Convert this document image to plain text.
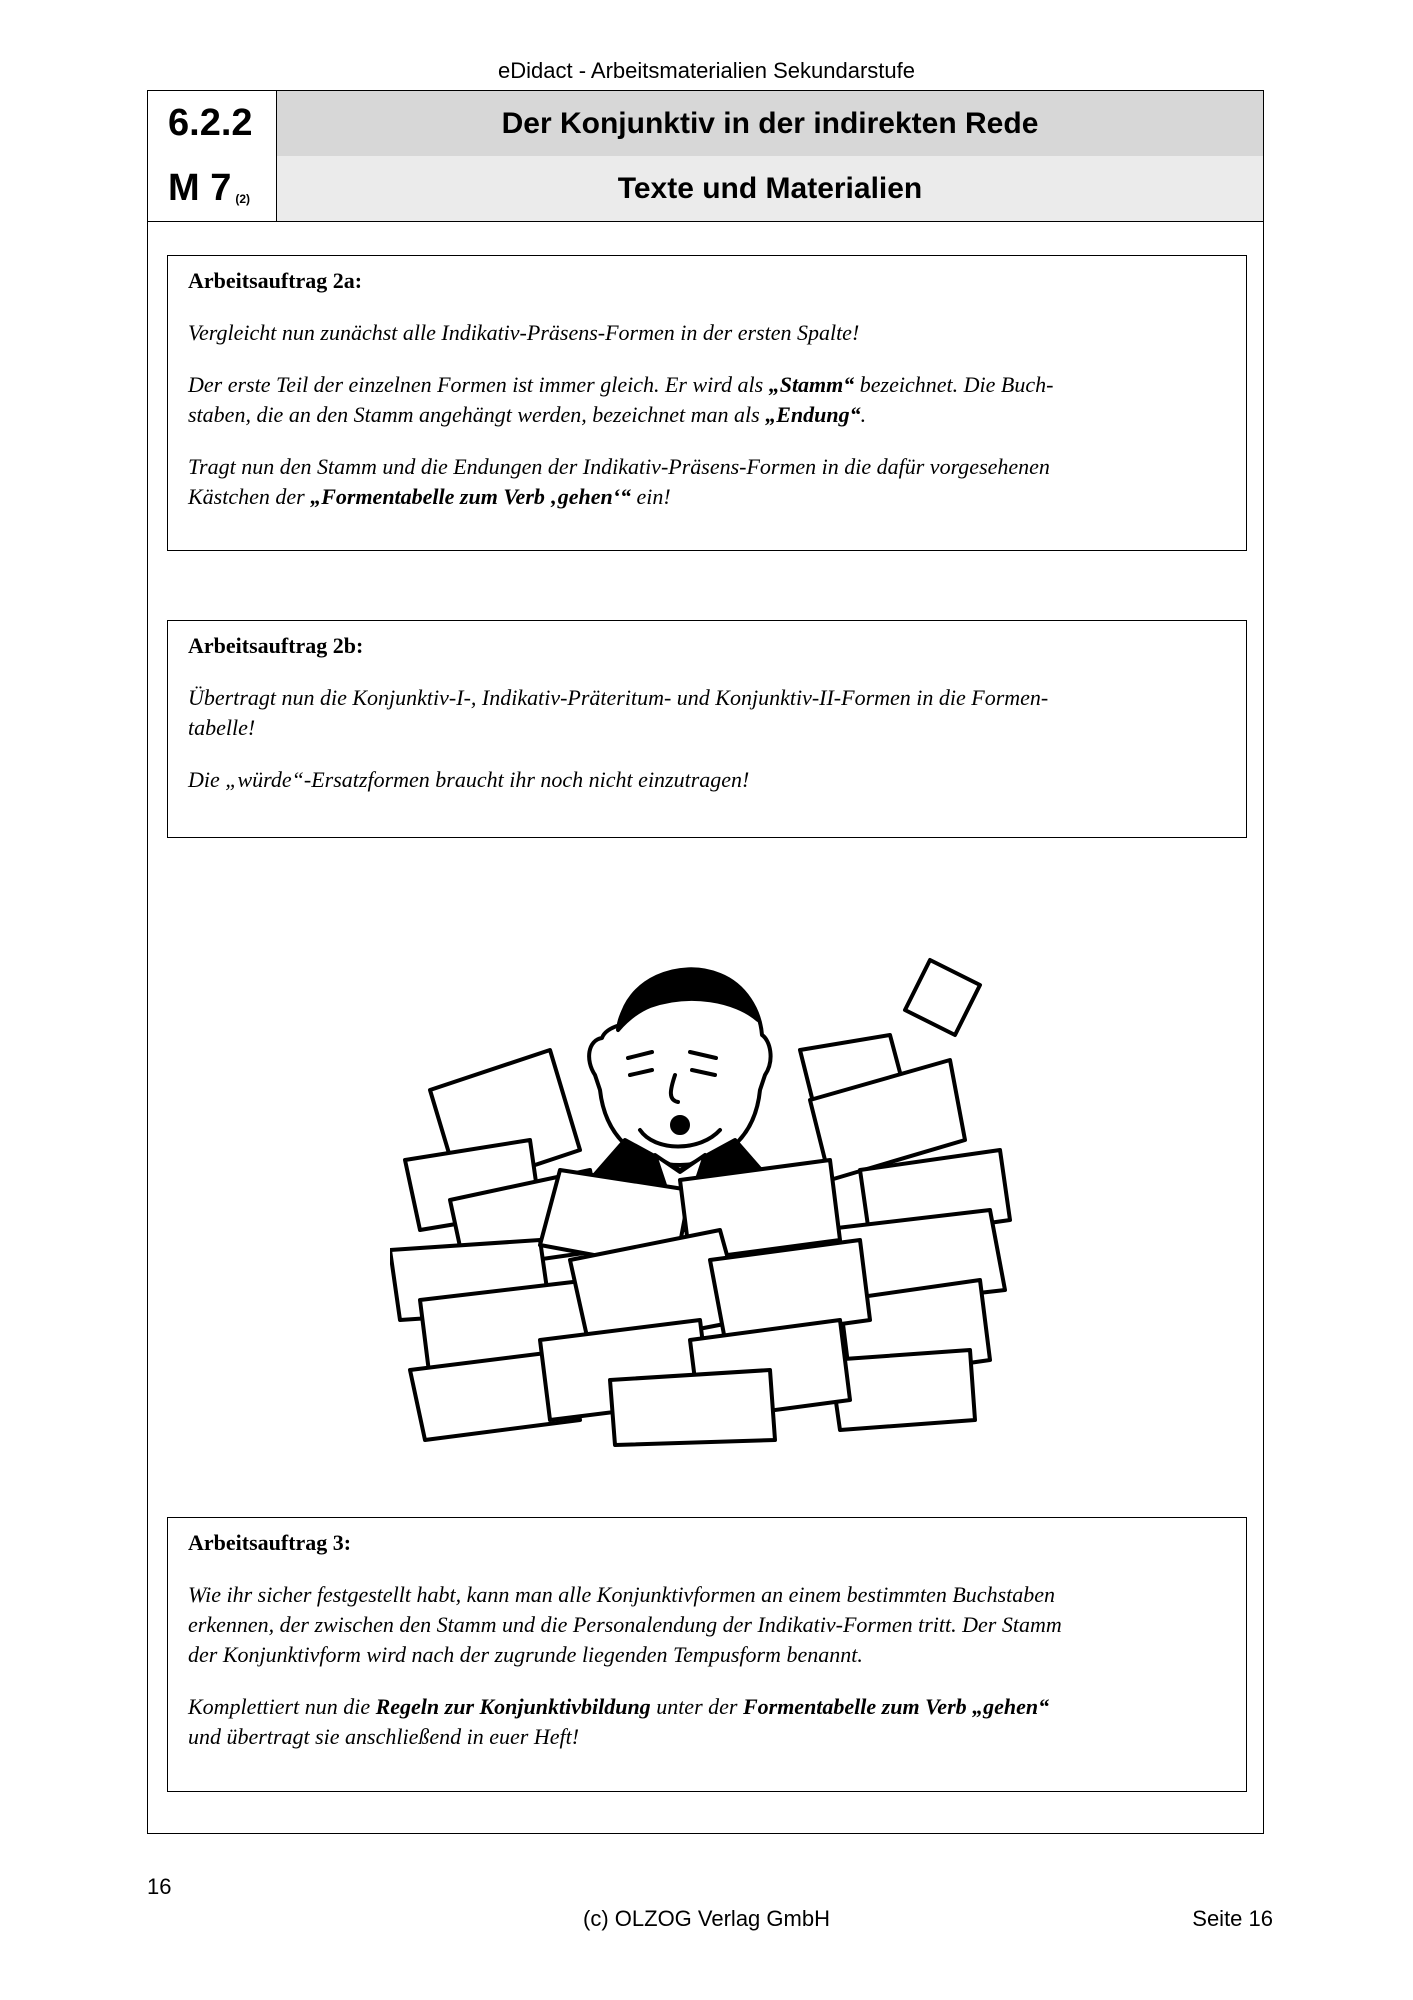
eDidact - Arbeitsmaterialien Sekundarstufe
6.2.2	Der Konjunktiv in der indirekten Rede
M 7 $_{(2)}$	Texte und Materialien

Arbeitsauftrag 2a:

Vergleicht nun zunächst alle Indikativ-Präsens-Formen in der ersten Spalte!

Der erste Teil der einzelnen Formen ist immer gleich. Er wird als „Stamm“ bezeichnet. Die Buch-
staben, die an den Stamm angehängt werden, bezeichnet man als „Endung“.

Tragt nun den Stamm und die Endungen der Indikativ-Präsens-Formen in die dafür vorgesehenen
Kästchen der „Formentabelle zum Verb ‚gehen‘“ ein!

Arbeitsauftrag 2b:

Übertragt nun die Konjunktiv-I-, Indikativ-Präteritum- und Konjunktiv-II-Formen in die Formen-
tabelle!

Die „würde“-Ersatzformen braucht ihr noch nicht einzutragen!

Arbeitsauftrag 3:

Wie ihr sicher festgestellt habt, kann man alle Konjunktivformen an einem bestimmten Buchstaben
erkennen, der zwischen den Stamm und die Personalendung der Indikativ-Formen tritt. Der Stamm
der Konjunktivform wird nach der zugrunde liegenden Tempusform benannt.

Komplettiert nun die Regeln zur Konjunktivbildung unter der Formentabelle zum Verb „gehen“
und übertragt sie anschließend in euer Heft!

16
(c) OLZOG Verlag GmbH	Seite 16
